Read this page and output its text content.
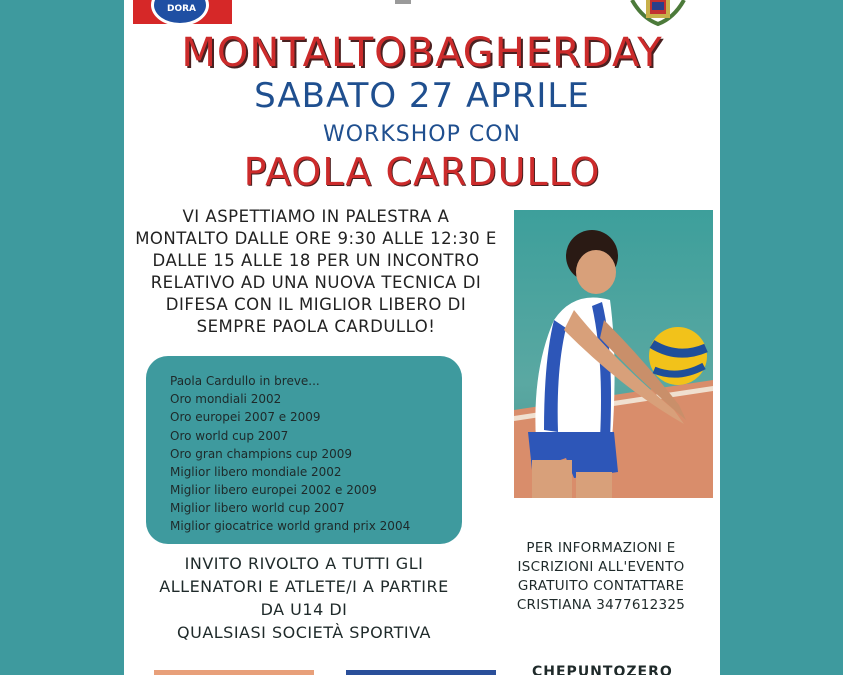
DORA
MONTALTOBAGHERDAY
SABATO 27 APRILE
WORKSHOP CON
PAOLA CARDULLO
VI ASPETTIAMO IN PALESTRA A
MONTALTO DALLE ORE 9:30 ALLE 12:30 E
DALLE 15 ALLE 18 PER UN INCONTRO
RELATIVO AD UNA NUOVA TECNICA DI
DIFESA CON IL MIGLIOR LIBERO DI
SEMPRE PAOLA CARDULLO!
Paola Cardullo in breve...
Oro mondiali 2002
Oro europei 2007 e 2009
Oro world cup 2007
Oro gran champions cup 2009
Miglior libero mondiale 2002
Miglior libero europei 2002 e 2009
Miglior libero world cup 2007
Miglior giocatrice world grand prix 2004
INVITO RIVOLTO A TUTTI GLI
ALLENATORI E ATLETE/I A PARTIRE
DA U14 DI
QUALSIASI SOCIETÀ SPORTIVA
PER INFORMAZIONI E
ISCRIZIONI ALL'EVENTO
GRATUITO CONTATTARE
CRISTIANA 3477612325
CHEPUNTOZERO
